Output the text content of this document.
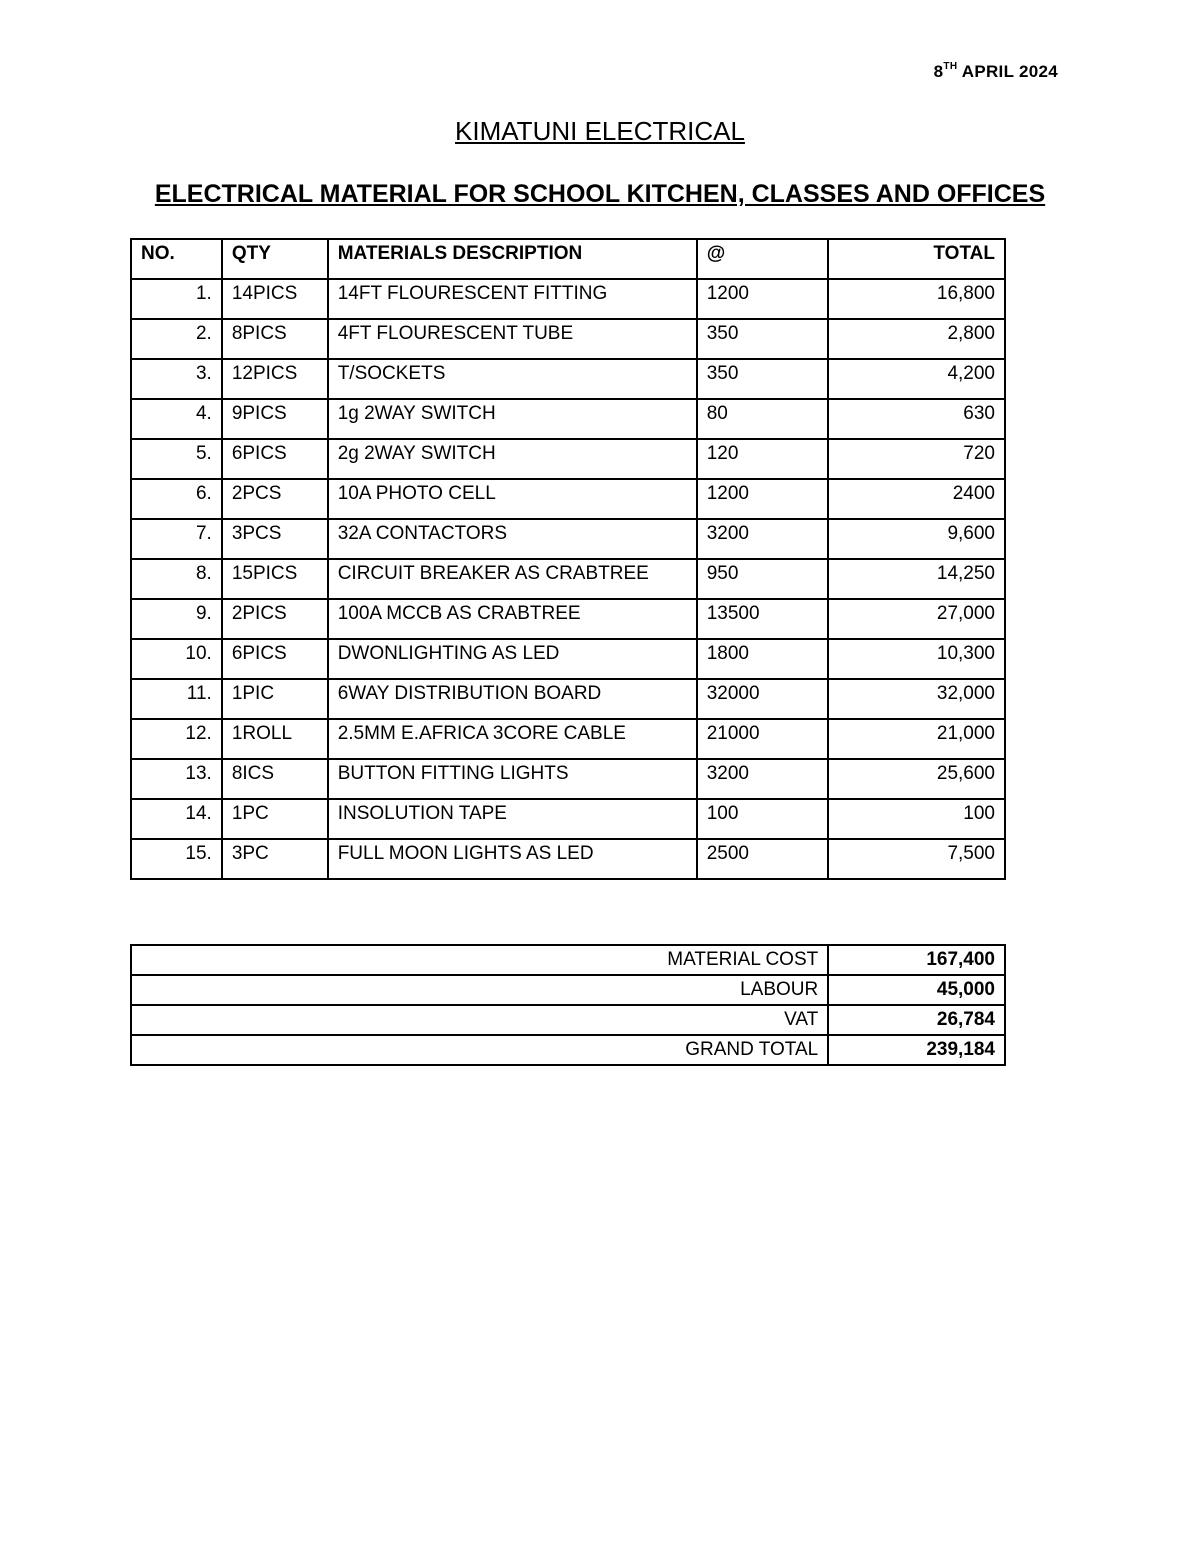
8TH APRIL 2024
KIMATUNI ELECTRICAL
ELECTRICAL MATERIAL FOR SCHOOL KITCHEN, CLASSES AND OFFICES
NO.	QTY	MATERIALS DESCRIPTION	@	TOTAL
1.	14PICS	14FT FLOURESCENT FITTING	1200	16,800
2.	8PICS	4FT FLOURESCENT TUBE	350	2,800
3.	12PICS	T/SOCKETS	350	4,200
4.	9PICS	1g 2WAY SWITCH	80	630
5.	6PICS	2g 2WAY SWITCH	120	720
6.	2PCS	10A PHOTO CELL	1200	2400
7.	3PCS	32A CONTACTORS	3200	9,600
8.	15PICS	CIRCUIT BREAKER AS CRABTREE	950	14,250
9.	2PICS	100A MCCB AS CRABTREE	13500	27,000
10.	6PICS	DWONLIGHTING AS LED	1800	10,300
11.	1PIC	6WAY DISTRIBUTION BOARD	32000	32,000
12.	1ROLL	2.5MM E.AFRICA 3CORE CABLE	21000	21,000
13.	8ICS	BUTTON FITTING LIGHTS	3200	25,600
14.	1PC	INSOLUTION TAPE	100	100
15.	3PC	FULL MOON LIGHTS AS LED	2500	7,500
MATERIAL COST	167,400
LABOUR	45,000
VAT	26,784
GRAND TOTAL	239,184
